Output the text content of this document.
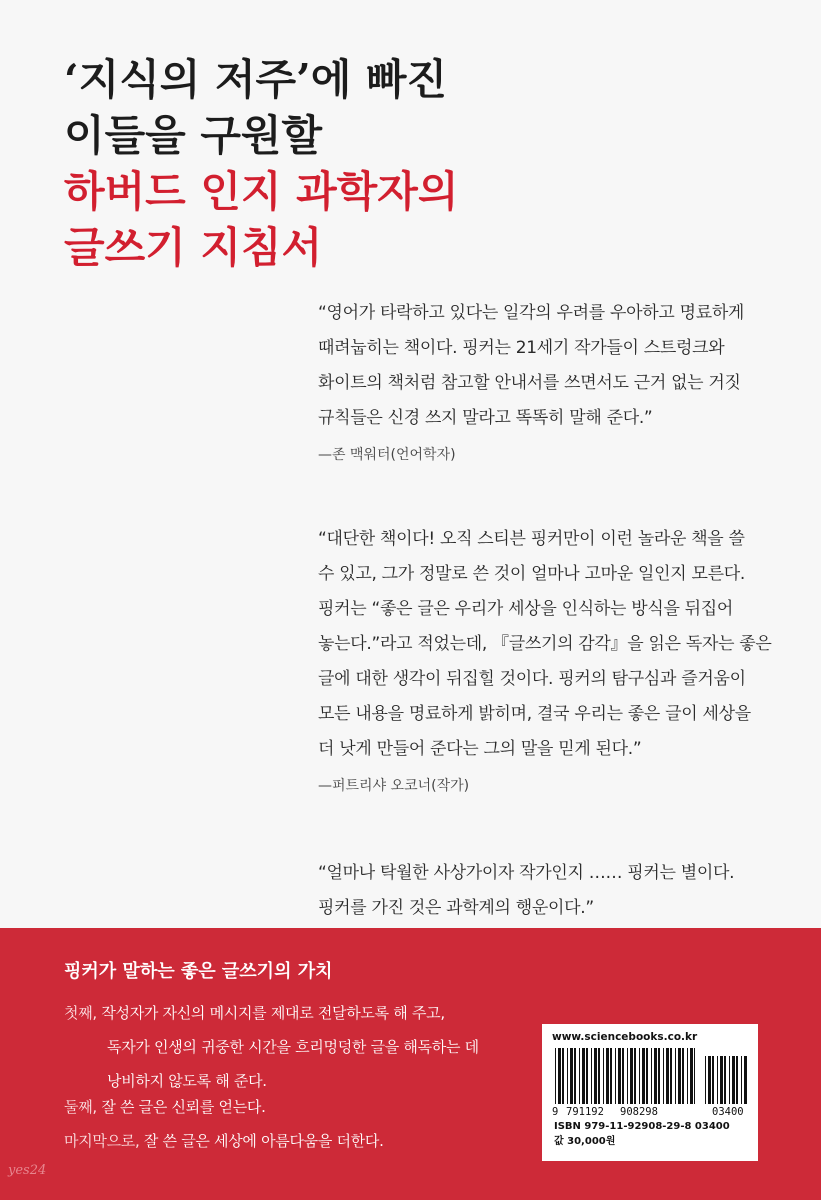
‘지식의 저주’에 빠진
이들을 구원할
하버드 인지 과학자의
글쓰기 지침서
“영어가 타락하고 있다는 일각의 우려를 우아하고 명료하게
때려눕히는 책이다. 핑커는 21세기 작가들이 스트렁크와
화이트의 책처럼 참고할 안내서를 쓰면서도 근거 없는 거짓
규칙들은 신경 쓰지 말라고 똑똑히 말해 준다.”
—존 맥워터(언어학자)
“대단한 책이다! 오직 스티븐 핑커만이 이런 놀라운 책을 쓸
수 있고, 그가 정말로 쓴 것이 얼마나 고마운 일인지 모른다.
핑커는 “좋은 글은 우리가 세상을 인식하는 방식을 뒤집어
놓는다.”라고 적었는데, 『글쓰기의 감각』을 읽은 독자는 좋은
글에 대한 생각이 뒤집힐 것이다. 핑커의 탐구심과 즐거움이
모든 내용을 명료하게 밝히며, 결국 우리는 좋은 글이 세상을
더 낫게 만들어 준다는 그의 말을 믿게 된다.”
—퍼트리샤 오코너(작가)
“얼마나 탁월한 사상가이자 작가인지 …… 핑커는 별이다.
핑커를 가진 것은 과학계의 행운이다.”
핑커가 말하는 좋은 글쓰기의 가치
첫째, 작성자가 자신의 메시지를 제대로 전달하도록 해 주고,
독자가 인생의 귀중한 시간을 흐리멍덩한 글을 해독하는 데
낭비하지 않도록 해 준다.
둘째, 잘 쓴 글은 신뢰를 얻는다.
마지막으로, 잘 쓴 글은 세상에 아름다움을 더한다.
www.sciencebooks.co.kr
9 791192 908298	03400
ISBN 979-11-92908-29-8 03400
값 30,000원
yes24
